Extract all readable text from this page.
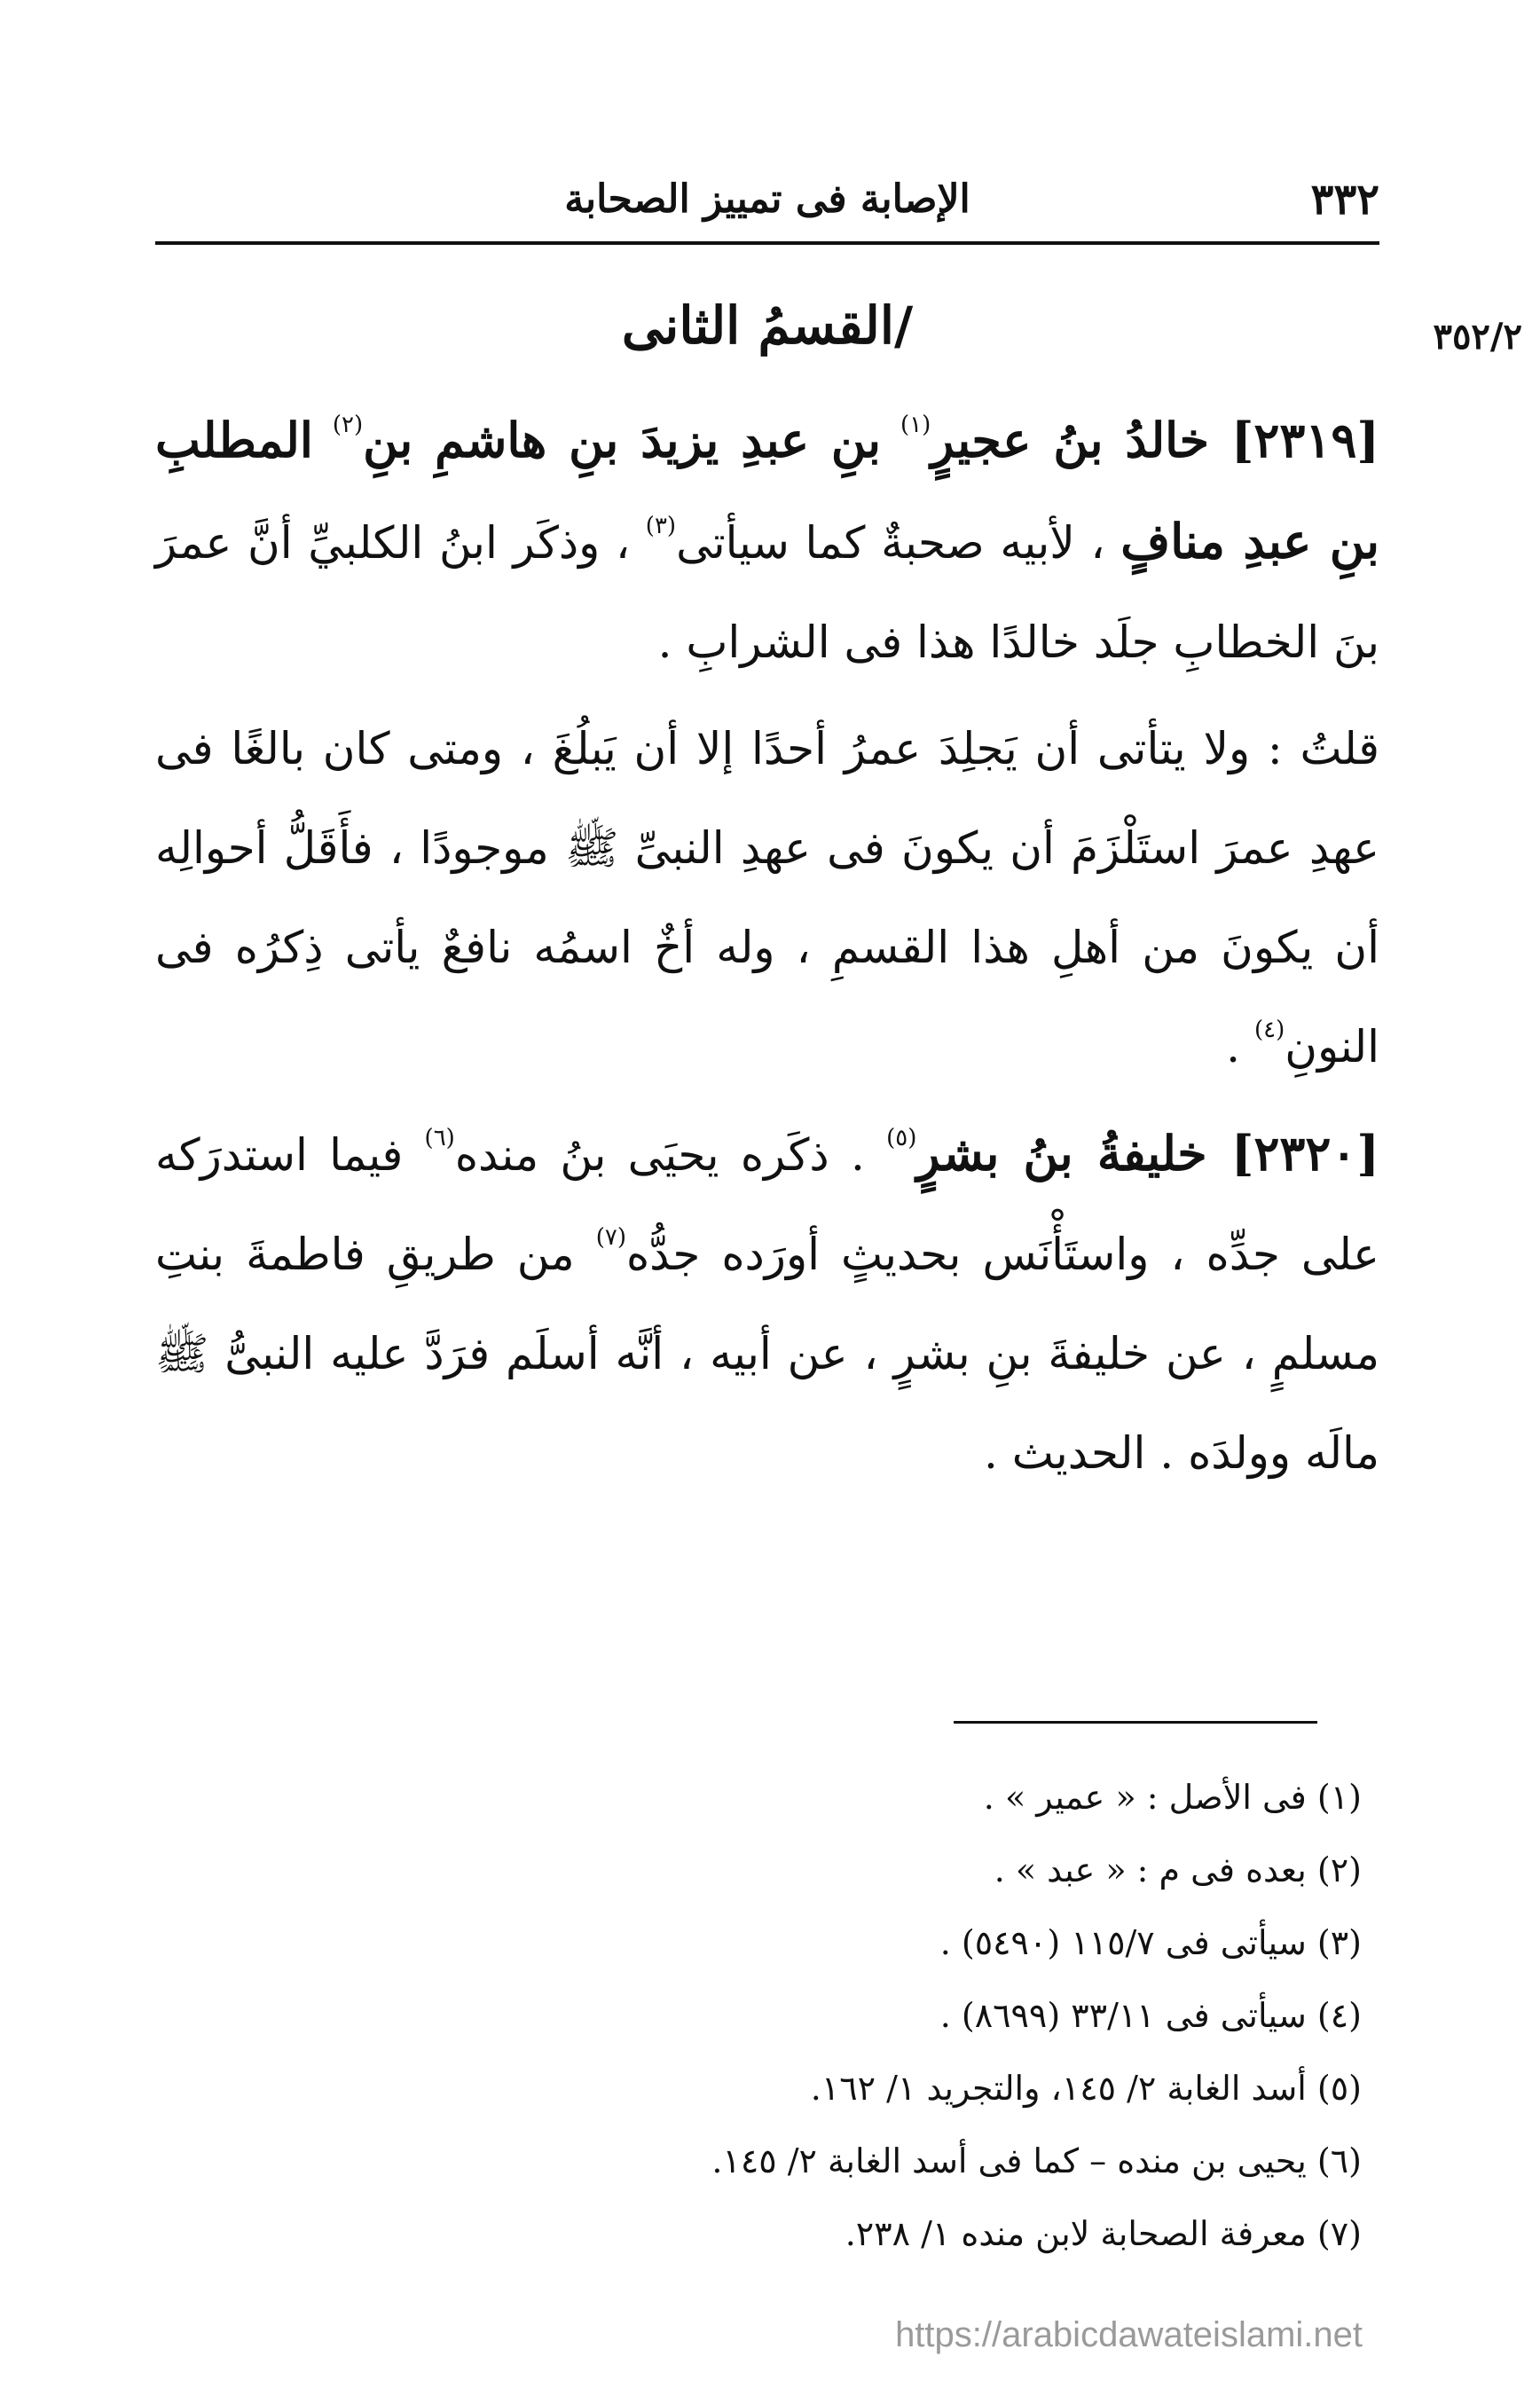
٣٣٢
الإصابة فى تمييز الصحابة
٣٥٢/٢
/القسمُ الثانى

[٢٣١٩] خالدُ بنُ عجيرٍ$^{(١)}$ بنِ عبدِ يزيدَ بنِ هاشمِ بنِ$^{(٢)}$ المطلبِ بنِ عبدِ منافٍ ، لأبيه صحبةٌ كما سيأتى$^{(٣)}$ ، وذكَر ابنُ الكلبيِّ أنَّ عمرَ بنَ الخطابِ جلَد خالدًا هذا فى الشرابِ .

قلتُ : ولا يتأتى أن يَجلِدَ عمرُ أحدًا إلا أن يَبلُغَ ، ومتى كان بالغًا فى عهدِ عمرَ استَلْزَمَ أن يكونَ فى عهدِ النبىِّ ﷺ موجودًا ، فأَقَلُّ أحوالِه أن يكونَ من أهلِ هذا القسمِ ، وله أخٌ اسمُه نافعٌ يأتى ذِكرُه فى النونِ$^{(٤)}$ .

[٢٣٢٠] خليفةُ بنُ بشرٍ$^{(٥)}$ . ذكَره يحيَى بنُ منده$^{(٦)}$ فيما استدرَكه على جدِّه ، واستَأْنَس بحديثٍ أورَده جدُّه$^{(٧)}$ من طريقِ فاطمةَ بنتِ مسلمٍ ، عن خليفةَ بنِ بشرٍ ، عن أبيه ، أنَّه أسلَم فرَدَّ عليه النبىُّ ﷺ مالَه وولدَه . الحديث .

(١) فى الأصل : « عمير » .
(٢) بعده فى م : « عبد » .
(٣) سيأتى فى ١١٥/٧ (٥٤٩٠) .
(٤) سيأتى فى ٣٣/١١ (٨٦٩٩) .
(٥) أسد الغابة ٢/ ١٤٥، والتجريد ١/ ١٦٢.
(٦) يحيى بن منده – كما فى أسد الغابة ٢/ ١٤٥.
(٧) معرفة الصحابة لابن منده ١/ ٢٣٨.
https://arabicdawateislami.net
